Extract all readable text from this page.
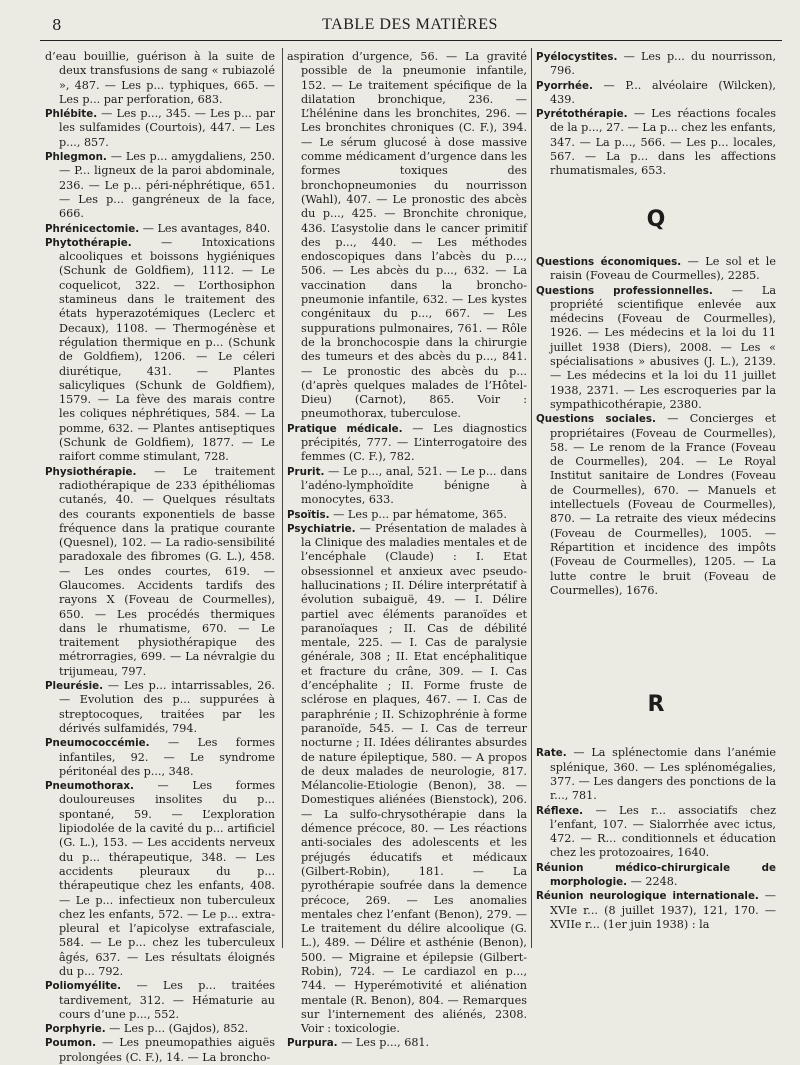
8	TABLE DES MATIÈRES

d’eau bouillie, guérison à la suite de deux transfusions de sang « rubiazolé », 487. — Les p... typhiques, 665. — Les p... par perforation, 683.

Phlébite. — Les p..., 345. — Les p... par les sulfamides (Courtois), 447. — Les p..., 857.

Phlegmon. — Les p... amygdaliens, 250. — P... ligneux de la paroi abdominale, 236. — Le p... péri-néphrétique, 651. — Les p... gangréneux de la face, 666.

Phrénicectomie. — Les avantages, 840.

Phytothérapie. — Intoxications alcooliques et boissons hygiéniques (Schunk de Goldfiem), 1112. — Le coquelicot, 322. — L’orthosiphon stamineus dans le traitement des états hyperazotémiques (Leclerc et Decaux), 1108. — Thermogénèse et régulation thermique en p... (Schunk de Goldfiem), 1206. — Le céleri diurétique, 431. — Plantes salicyliques (Schunk de Goldfiem), 1579. — La fève des marais contre les coliques néphrétiques, 584. — La pomme, 632. — Plantes antiseptiques (Schunk de Goldfiem), 1877. — Le raifort comme stimulant, 728.

Physiothérapie. — Le traitement radiothérapique de 233 épithéliomas cutanés, 40. — Quelques résultats des courants exponentiels de basse fréquence dans la pratique courante (Quesnel), 102. — La radio-sensibilité paradoxale des fibromes (G. L.), 458. — Les ondes courtes, 619. — Glaucomes. Accidents tardifs des rayons X (Foveau de Courmelles), 650. — Les procédés thermiques dans le rhumatisme, 670. — Le traitement physiothérapique des métrorragies, 699. — La névralgie du trijumeau, 797.

Pleurésie. — Les p... intarrissables, 26. — Evolution des p... suppurées à streptocoques, traitées par les dérivés sulfamidés, 794.

Pneumococcémie. — Les formes infantiles, 92. — Le syndrome péritonéal des p..., 348.

Pneumothorax. — Les formes douloureuses insolites du p... spontané, 59. — L’exploration lipiodolée de la cavité du p... artificiel (G. L.), 153. — Les accidents nerveux du p... thérapeutique, 348. — Les accidents pleuraux du p... thérapeutique chez les enfants, 408. — Le p... infectieux non tuberculeux chez les enfants, 572. — Le p... extra-pleural et l’apicolyse extrafasciale, 584. — Le p... chez les tuberculeux âgés, 637. — Les résultats éloignés du p... 792.

Poliomyélite. — Les p... traitées tardivement, 312. — Hématurie au cours d’une p..., 552.

Porphyrie. — Les p... (Gajdos), 852.

Poumon. — Les pneumopathies aiguës prolongées (C. F.), 14. — La broncho-

aspiration d’urgence, 56. — La gravité possible de la pneumonie infantile, 152. — Le traitement spécifique de la dilatation bronchique, 236. — L’hélénine dans les bronchites, 296. — Les bronchites chroniques (C. F.), 394. — Le sérum glucosé à dose massive comme médicament d’urgence dans les formes toxiques des bronchopneumonies du nourrisson (Wahl), 407. — Le pronostic des abcès du p..., 425. — Bronchite chronique, 436. L’asystolie dans le cancer primitif des p..., 440. — Les méthodes endoscopiques dans l’abcès du p..., 506. — Les abcès du p..., 632. — La vaccination dans la broncho-pneumonie infantile, 632. — Les kystes congénitaux du p..., 667. — Les suppurations pulmonaires, 761. — Rôle de la bronchocospie dans la chirurgie des tumeurs et des abcès du p..., 841. — Le pronostic des abcès du p... (d’après quelques malades de l’Hôtel-Dieu) (Carnot), 865. Voir : pneumothorax, tuberculose.

Pratique médicale. — Les diagnostics précipités, 777. — L’interrogatoire des femmes (C. F.), 782.

Prurit. — Le p..., anal, 521. — Le p... dans l’adéno-lymphoïdite bénigne à monocytes, 633.

Psoïtis. — Les p... par hématome, 365.

Psychiatrie. — Présentation de malades à la Clinique des maladies mentales et de l’encéphale (Claude) : I. Etat obsessionnel et anxieux avec pseudo-hallucinations ; II. Délire interprétatif à évolution subaiguë, 49. — I. Délire partiel avec éléments paranoïdes et paranoïaques ; II. Cas de débilité mentale, 225. — I. Cas de paralysie générale, 308 ; II. Etat encéphalitique et fracture du crâne, 309. — I. Cas d’encéphalite ; II. Forme fruste de sclérose en plaques, 467. — I. Cas de paraphrénie ; II. Schizophrénie à forme paranoïde, 545. — I. Cas de terreur nocturne ; II. Idées délirantes absurdes de nature épileptique, 580. — A propos de deux malades de neurologie, 817. Mélancolie-Etiologie (Benon), 38. — Domestiques aliénées (Bienstock), 206. — La sulfo-chrysothérapie dans la démence précoce, 80. — Les réactions anti-sociales des adolescents et les préjugés éducatifs et médicaux (Gilbert-Robin), 181. — La pyrothérapie soufrée dans la demence précoce, 269. — Les anomalies mentales chez l’enfant (Benon), 279. — Le traitement du délire alcoolique (G. L.), 489. — Délire et asthénie (Benon), 500. — Migraine et épilepsie (Gilbert-Robin), 724. — Le cardiazol en p..., 744. — Hyperémotivité et aliénation mentale (R. Benon), 804. — Remarques sur l’internement des aliénés, 2308. Voir : toxicologie.

Purpura. — Les p..., 681.

Pyélocystites. — Les p... du nourrisson, 796.

Pyorrhée. — P... alvéolaire (Wilcken), 439.

Pyrétothérapie. — Les réactions focales de la p..., 27. — La p... chez les enfants, 347. — La p..., 566. — Les p... locales, 567. — La p... dans les affections rhumatismales, 653.

Q

Questions économiques. — Le sol et le raisin (Foveau de Courmelles), 2285.

Questions professionnelles. — La propriété scientifique enlevée aux médecins (Foveau de Courmelles), 1926. — Les médecins et la loi du 11 juillet 1938 (Diers), 2008. — Les « spécialisations » abusives (J. L.), 2139. — Les médecins et la loi du 11 juillet 1938, 2371. — Les escroqueries par la sympathicothérapie, 2380.

Questions sociales. — Concierges et propriétaires (Foveau de Courmelles), 58. — Le renom de la France (Foveau de Courmelles), 204. — Le Royal Institut sanitaire de Londres (Foveau de Courmelles), 670. — Manuels et intellectuels (Foveau de Courmelles), 870. — La retraite des vieux médecins (Foveau de Courmelles), 1005. — Répartition et incidence des impôts (Foveau de Courmelles), 1205. — La lutte contre le bruit (Foveau de Courmelles), 1676.

R

Rate. — La splénectomie dans l’anémie splénique, 360. — Les splénomégalies, 377. — Les dangers des ponctions de la r..., 781.

Réflexe. — Les r... associatifs chez l’enfant, 107. — Sialorrhée avec ictus, 472. — R... conditionnels et éducation chez les protozoaires, 1640.

Réunion médico-chirurgicale de morphologie. — 2248.

Réunion neurologique internationale. — XVIe r... (8 juillet 1937), 121, 170. — XVIIe r... (1er juin 1938) : la
